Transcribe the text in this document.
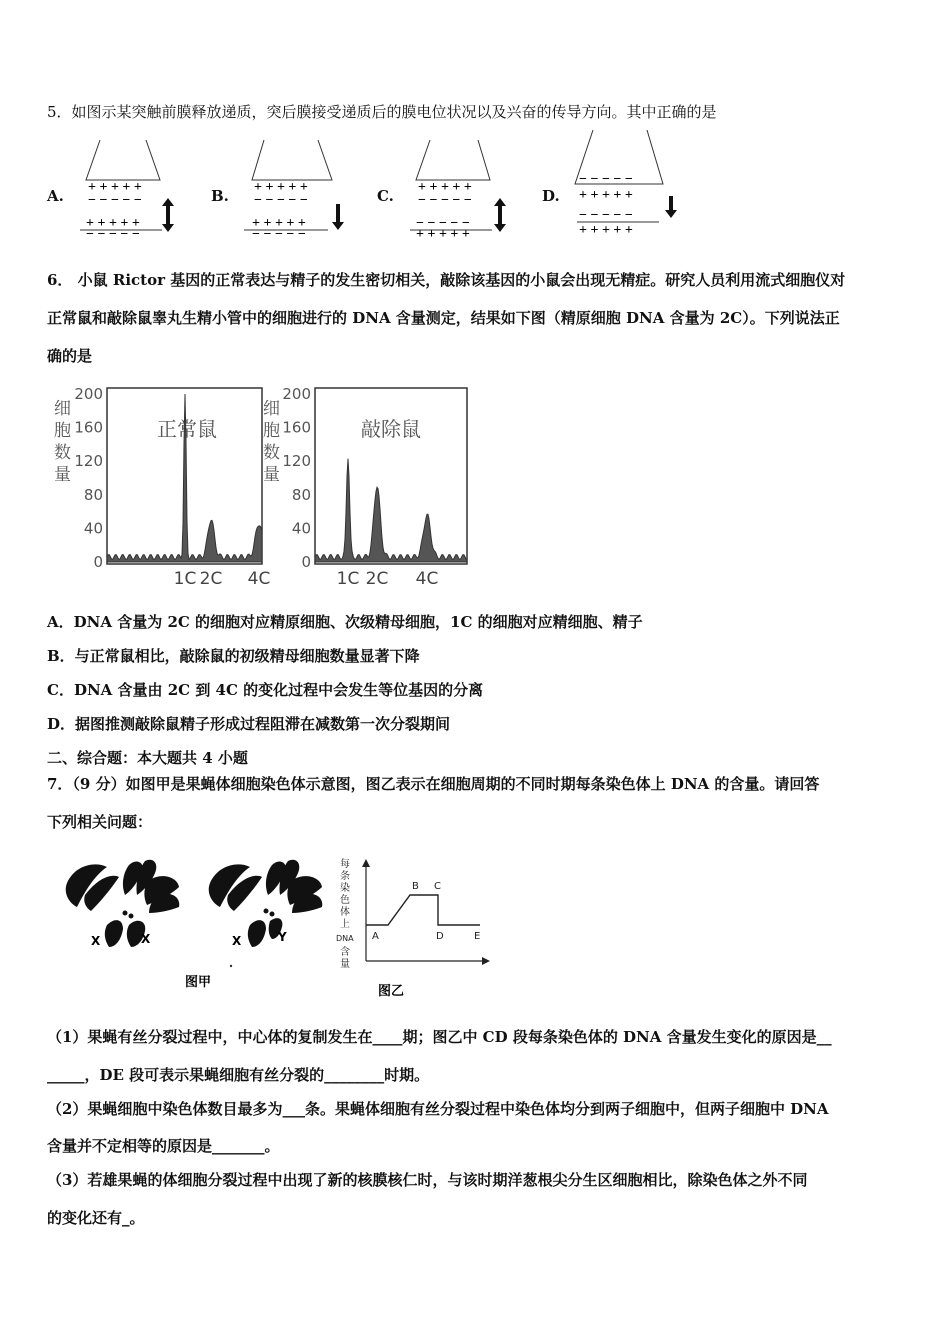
5．如图示某突触前膜释放递质，突后膜接受递质后的膜电位状况以及兴奋的传导方向。其中正确的是
A. + + + + +
− − − − −
+ + + + +
− − − − −
B. + + + + +
− − − − −
+ + + + +
− − − − −
C. + + + + +
− − − − −
− − − − −
+ + + + +
D.
− − − − −
+ + + + +
− − − − −
+ + + + +
6． 小鼠 Rictor 基因的正常表达与精子的发生密切相关，敲除该基因的小鼠会出现无精症。研究人员利用流式细胞仪对
正常鼠和敲除鼠睾丸生精小管中的细胞进行的 DNA 含量测定，结果如下图（精原细胞 DNA 含量为 2C）。下列说法正
确的是
细
胞
数
量
0
40
80
120
160
200
正常鼠
1C 2C 4C
细
胞
数
量
0
40
80
120
160
200
敲除鼠
1C 2C 4C
A．DNA 含量为 2C 的细胞对应精原细胞、次级精母细胞，1C 的细胞对应精细胞、精子
B．与正常鼠相比，敲除鼠的初级精母细胞数量显著下降
C．DNA 含量由 2C 到 4C 的变化过程中会发生等位基因的分离
D．据图推测敲除鼠精子形成过程阻滞在减数第一次分裂期间
二、综合题：本大题共 4 小题
7．（9 分）如图甲是果蝇体细胞染色体示意图，图乙表示在细胞周期的不同时期每条染色体上 DNA 的含量。请回答
下列相关问题：
X	X	X	Y
图甲
每
条
染
色
体
上
DNA
含
量
A
B C
D	E
图乙
（1）果蝇有丝分裂过程中，中心体的复制发生在____期；图乙中 CD 段每条染色体的 DNA 含量发生变化的原因是__
_____，DE 段可表示果蝇细胞有丝分裂的________时期。
（2）果蝇细胞中染色体数目最多为___条。果蝇体细胞有丝分裂过程中染色体均分到两子细胞中，但两子细胞中 DNA
含量并不定相等的原因是_______。
（3）若雄果蝇的体细胞分裂过程中出现了新的核膜核仁时，与该时期洋葱根尖分生区细胞相比，除染色体之外不同
的变化还有_。
